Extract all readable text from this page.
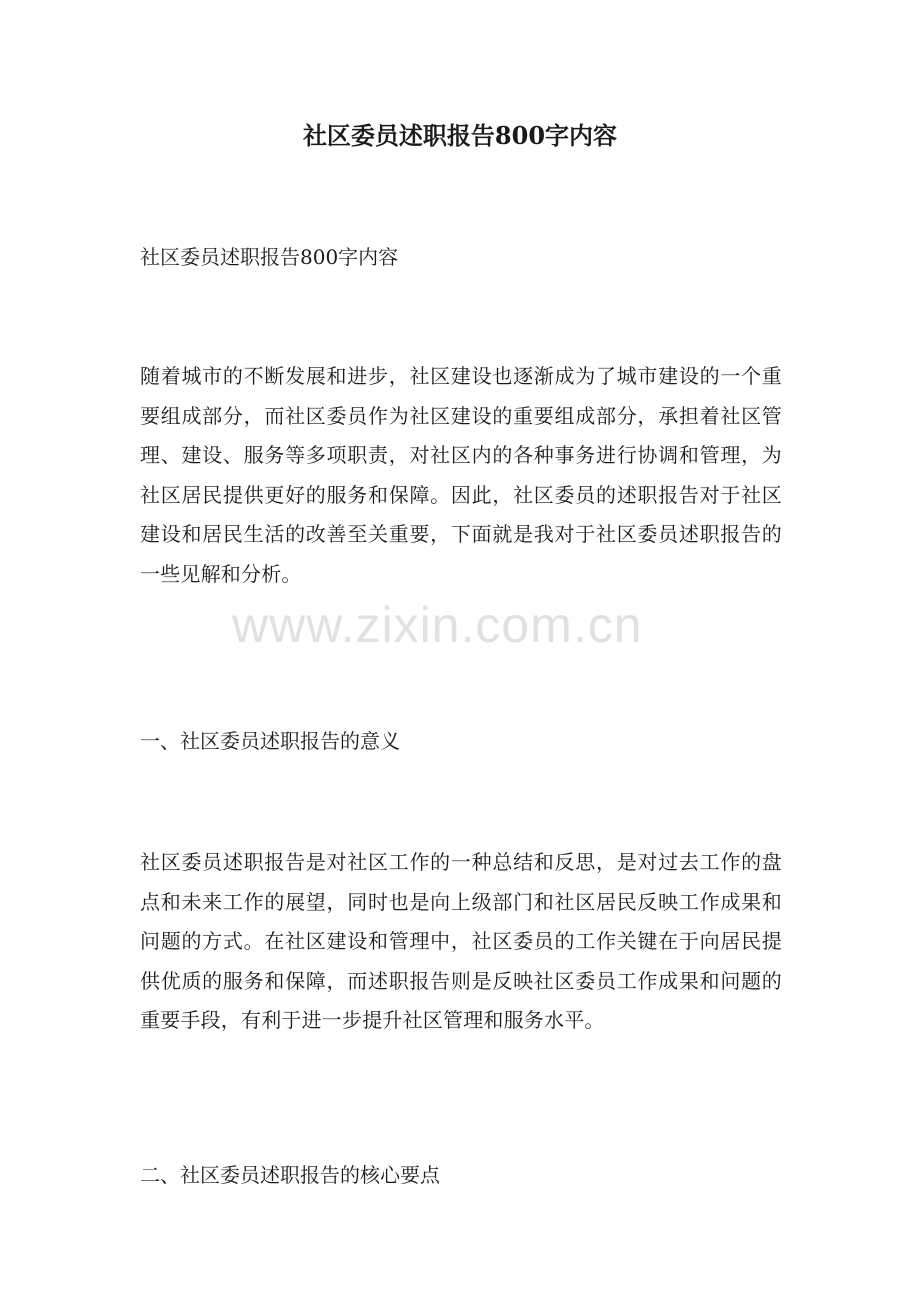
社区委员述职报告800字内容

社区委员述职报告800字内容

随着城市的不断发展和进步，社区建设也逐渐成为了城市建设的一个重要组成部分，而社区委员作为社区建设的重要组成部分，承担着社区管理、建设、服务等多项职责，对社区内的各种事务进行协调和管理，为社区居民提供更好的服务和保障。因此，社区委员的述职报告对于社区建设和居民生活的改善至关重要，下面就是我对于社区委员述职报告的一些见解和分析。

一、社区委员述职报告的意义

社区委员述职报告是对社区工作的一种总结和反思，是对过去工作的盘点和未来工作的展望，同时也是向上级部门和社区居民反映工作成果和问题的方式。在社区建设和管理中，社区委员的工作关键在于向居民提供优质的服务和保障，而述职报告则是反映社区委员工作成果和问题的重要手段，有利于进一步提升社区管理和服务水平。

二、社区委员述职报告的核心要点
www.zixin.com.cn
